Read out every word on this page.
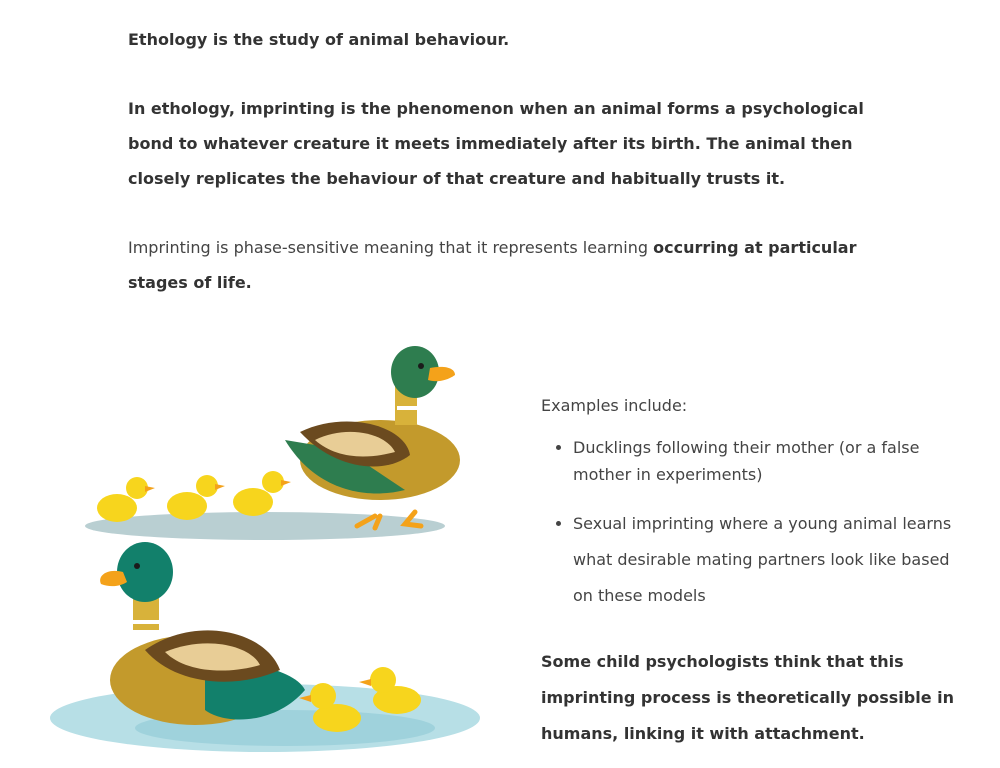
Ethology is the study of animal behaviour.

In ethology, imprinting is the phenomenon when an animal forms a psychological bond to whatever creature it meets immediately after its birth. The animal then closely replicates the behaviour of that creature and habitually trusts it.

Imprinting is phase-sensitive meaning that it represents learning occurring at particular stages of life.

Examples include:

• Ducklings following their mother (or a false mother in experiments)
• Sexual imprinting where a young animal learns what desirable mating partners look like based on these models

Some child psychologists think that this imprinting process is theoretically possible in humans, linking it with attachment.
